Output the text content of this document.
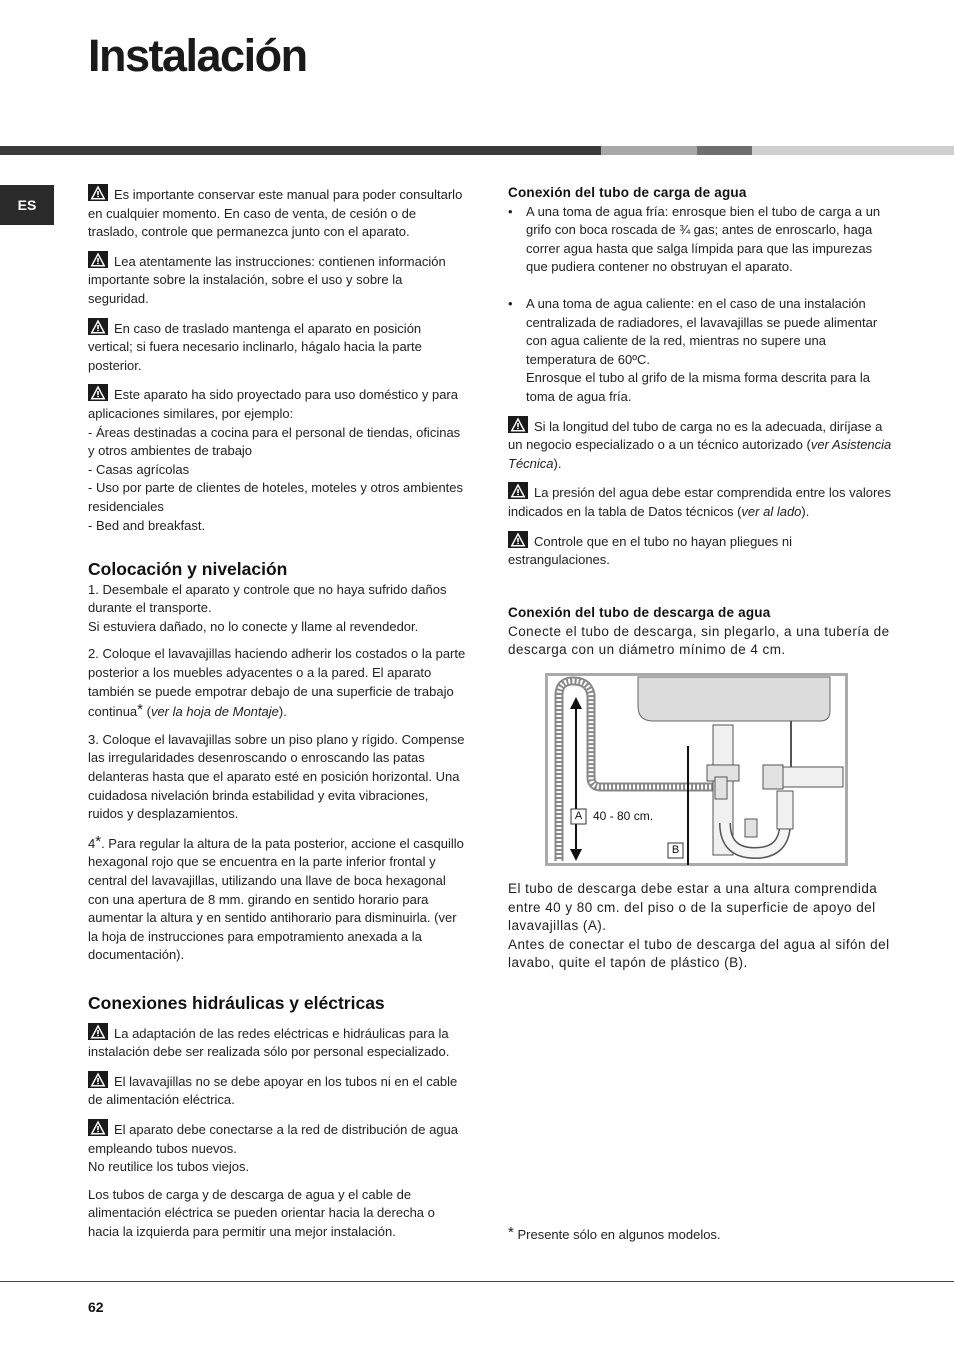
Instalación
ES

Es importante conservar este manual para poder consultarlo en cualquier momento. En caso de venta, de cesión o de traslado, controle que permanezca junto con el aparato.

Lea atentamente las instrucciones: contienen información importante sobre la instalación, sobre el uso y sobre la seguridad.

En caso de traslado mantenga el aparato en posición vertical; si fuera necesario inclinarlo, hágalo hacia la parte posterior.

Este aparato ha sido proyectado para uso doméstico y para aplicaciones similares, por ejemplo:
- Áreas destinadas a cocina para el personal de tiendas, oficinas y otros ambientes de trabajo
- Casas agrícolas
- Uso por parte de clientes de hoteles, moteles y otros ambientes residenciales
- Bed and breakfast.

Colocación y nivelación

1. Desembale el aparato y controle que no haya sufrido daños durante el transporte.
Si estuviera dañado, no lo conecte y llame al revendedor.

2. Coloque el lavavajillas haciendo adherir los costados o la parte posterior a los muebles adyacentes o a la pared. El aparato también se puede empotrar debajo de una superficie de trabajo continua* (ver la hoja de Montaje).

3. Coloque el lavavajillas sobre un piso plano y rígido. Compense las irregularidades desenroscando o enroscando las patas delanteras hasta que el aparato esté en posición horizontal. Una cuidadosa nivelación brinda estabilidad y evita vibraciones, ruidos y desplazamientos.

4*. Para regular la altura de la pata posterior, accione el casquillo hexagonal rojo que se encuentra en la parte inferior frontal y central del lavavajillas, utilizando una llave de boca hexagonal con una apertura de 8 mm. girando en sentido horario para aumentar la altura y en sentido antihorario para disminuirla. (ver la hoja de instrucciones para empotramiento anexada a la documentación).

Conexiones hidráulicas y eléctricas

La adaptación de las redes eléctricas e hidráulicas para la instalación debe ser realizada sólo por personal especializado.

El lavavajillas no se debe apoyar en los tubos ni en el cable de alimentación eléctrica.

El aparato debe conectarse a la red de distribución de agua empleando tubos nuevos.
No reutilice los tubos viejos.

Los tubos de carga y de descarga de agua y el cable de alimentación eléctrica se pueden orientar hacia la derecha o hacia la izquierda para permitir una mejor instalación.

Conexión del tubo de carga de agua
•	A una toma de agua fría: enrosque bien el tubo de carga a un grifo con boca roscada de ¾ gas; antes de enroscarlo, haga correr agua hasta que salga límpida para que las impurezas que pudiera contener no obstruyan el aparato.
•	A una toma de agua caliente: en el caso de una instalación centralizada de radiadores, el lavavajillas se puede alimentar con agua caliente de la red, mientras no supere una temperatura de 60ºC.
Enrosque el tubo al grifo de la misma forma descrita para la toma de agua fría.

Si la longitud del tubo de carga no es la adecuada, diríjase a un negocio especializado o a un técnico autorizado (ver Asistencia Técnica).

La presión del agua debe estar comprendida entre los valores indicados en la tabla de Datos técnicos (ver al lado).

Controle que en el tubo no hayan pliegues ni estrangulaciones.

Conexión del tubo de descarga de agua
Conecte el tubo de descarga, sin plegarlo, a una tubería de descarga con un diámetro mínimo de 4 cm.
A 40 - 80 cm.
B
El tubo de descarga debe estar a una altura comprendida entre 40 y 80 cm. del piso o de la superficie de apoyo del lavavajillas (A).
Antes de conectar el tubo de descarga del agua al sifón del lavabo, quite el tapón de plástico (B).
* Presente sólo en algunos modelos.
62
